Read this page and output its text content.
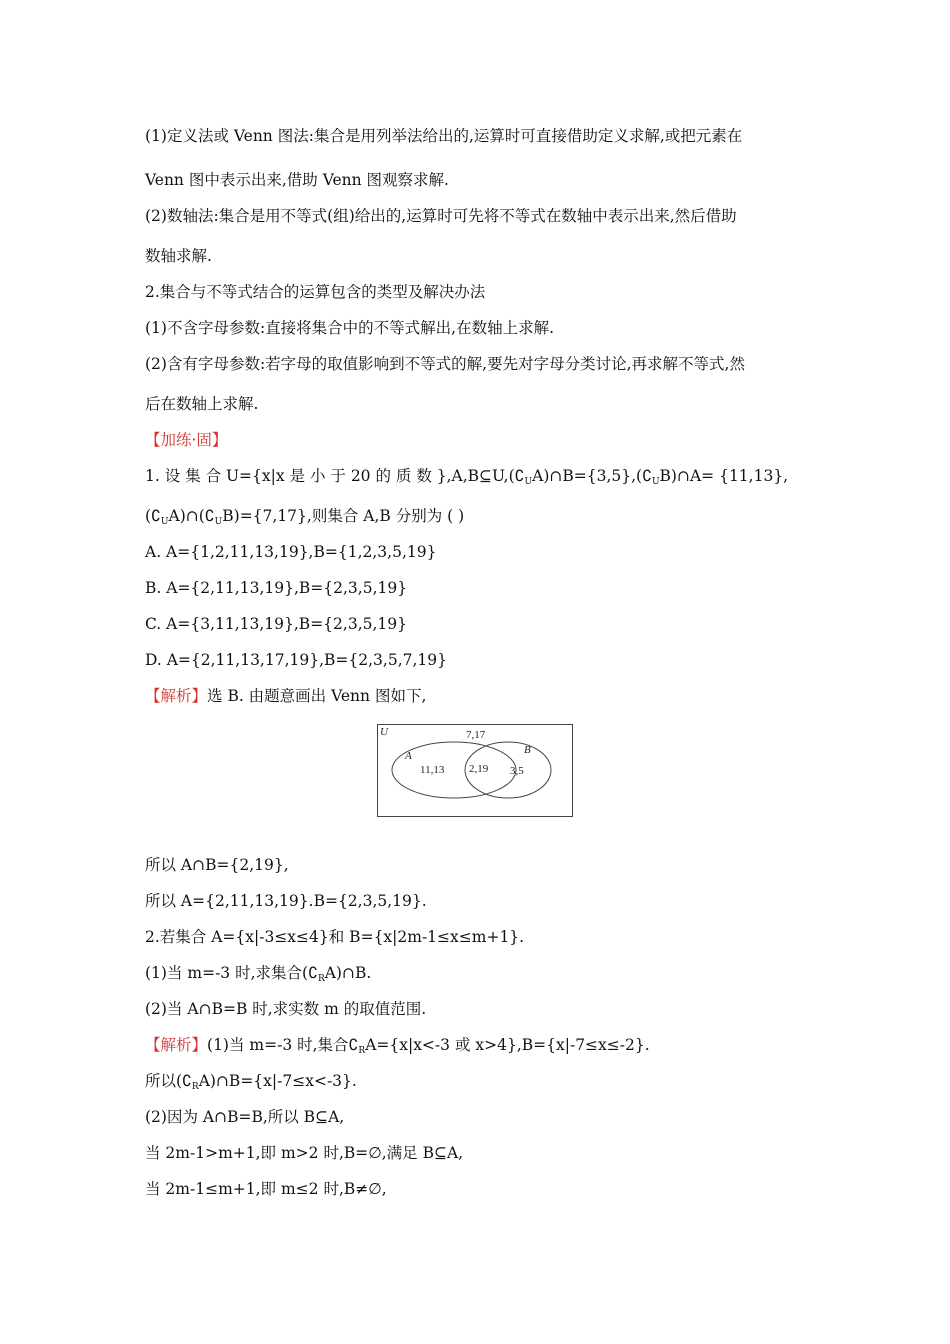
(1)定义法或 Venn 图法:集合是用列举法给出的,运算时可直接借助定义求解,或把元素在
Venn 图中表示出来,借助 Venn 图观察求解.
(2)数轴法:集合是用不等式(组)给出的,运算时可先将不等式在数轴中表示出来,然后借助
数轴求解.
2.集合与不等式结合的运算包含的类型及解决办法
(1)不含字母参数:直接将集合中的不等式解出,在数轴上求解.
(2)含有字母参数:若字母的取值影响到不等式的解,要先对字母分类讨论,再求解不等式,然
后在数轴上求解.
【加练·固】
1. 设 集 合 U={x|x 是 小 于 20 的 质 数 },A,B⊆U,(∁UA)∩B={3,5},(∁UB)∩A= {11,13},
(∁UA)∩(∁UB)={7,17},则集合 A,B 分别为 ( )
A. A={1,2,11,13,19},B={1,2,3,5,19}
B. A={2,11,13,19},B={2,3,5,19}
C. A={3,11,13,19},B={2,3,5,19}
D. A={2,11,13,17,19},B={2,3,5,7,19}
【解析】选 B. 由题意画出 Venn 图如下,
U
A	B
7,17
11,13 2,19 3,5
所以 A∩B={2,19},
所以 A={2,11,13,19}.B={2,3,5,19}.
2.若集合 A={x|-3≤x≤4}和 B={x|2m-1≤x≤m+1}.
(1)当 m=-3 时,求集合(∁RA)∩B.
(2)当 A∩B=B 时,求实数 m 的取值范围.
【解析】(1)当 m=-3 时,集合∁RA={x|x<-3 或 x>4},B={x|-7≤x≤-2}.
所以(∁RA)∩B={x|-7≤x<-3}.
(2)因为 A∩B=B,所以 B⊆A,
当 2m-1>m+1,即 m>2 时,B=∅,满足 B⊆A,
当 2m-1≤m+1,即 m≤2 时,B≠∅,
